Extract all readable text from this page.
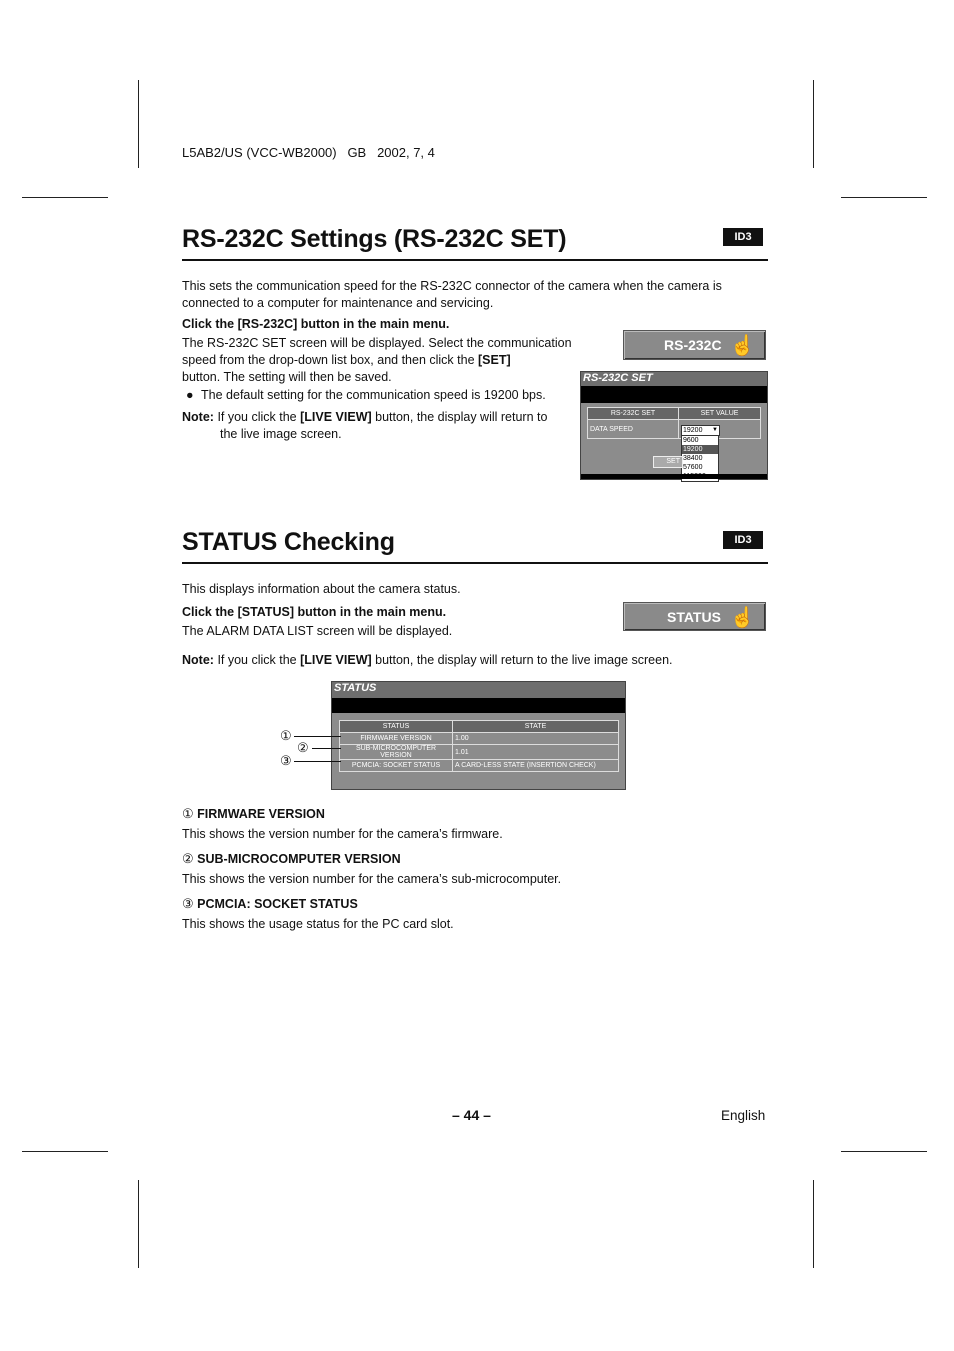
L5AB2/US (VCC-WB2000)   GB   2002, 7, 4
RS-232C Settings (RS-232C SET)	ID3
This sets the communication speed for the RS-232C connector of the camera when the camera is
connected to a computer for maintenance and servicing.
Click the [RS-232C] button in the main menu.
The RS-232C SET screen will be displayed. Select the communication
speed from the drop-down list box, and then click the [SET]
button. The setting will then be saved.
● The default setting for the communication speed is 19200 bps.
Note: If you click the [LIVE VIEW] button, the display will return to
the live image screen.
RS-232C ☝
RS-232C SET
RS-232C SET	SET VALUE
DATA SPEED		19200 ▼
9600
19200
38400
57600
SET
STATUS Checking	ID3
This displays information about the camera status.
Click the [STATUS] button in the main menu.
The ALARM DATA LIST screen will be displayed.
STATUS ☝
Note: If you click the [LIVE VIEW] button, the display will return to the live image screen.
STATUS
STATUS	STATE
FIRMWARE VERSION	1.00
SUB-MICROCOMPUTER VERSION	1.01
PCMCIA: SOCKET STATUS	A CARD-LESS STATE (INSERTION CHECK)
①
②
③
① FIRMWARE VERSION
This shows the version number for the camera’s firmware.
② SUB-MICROCOMPUTER VERSION
This shows the version number for the camera’s sub-microcomputer.
③ PCMCIA: SOCKET STATUS
This shows the usage status for the PC card slot.
– 44 –	English
